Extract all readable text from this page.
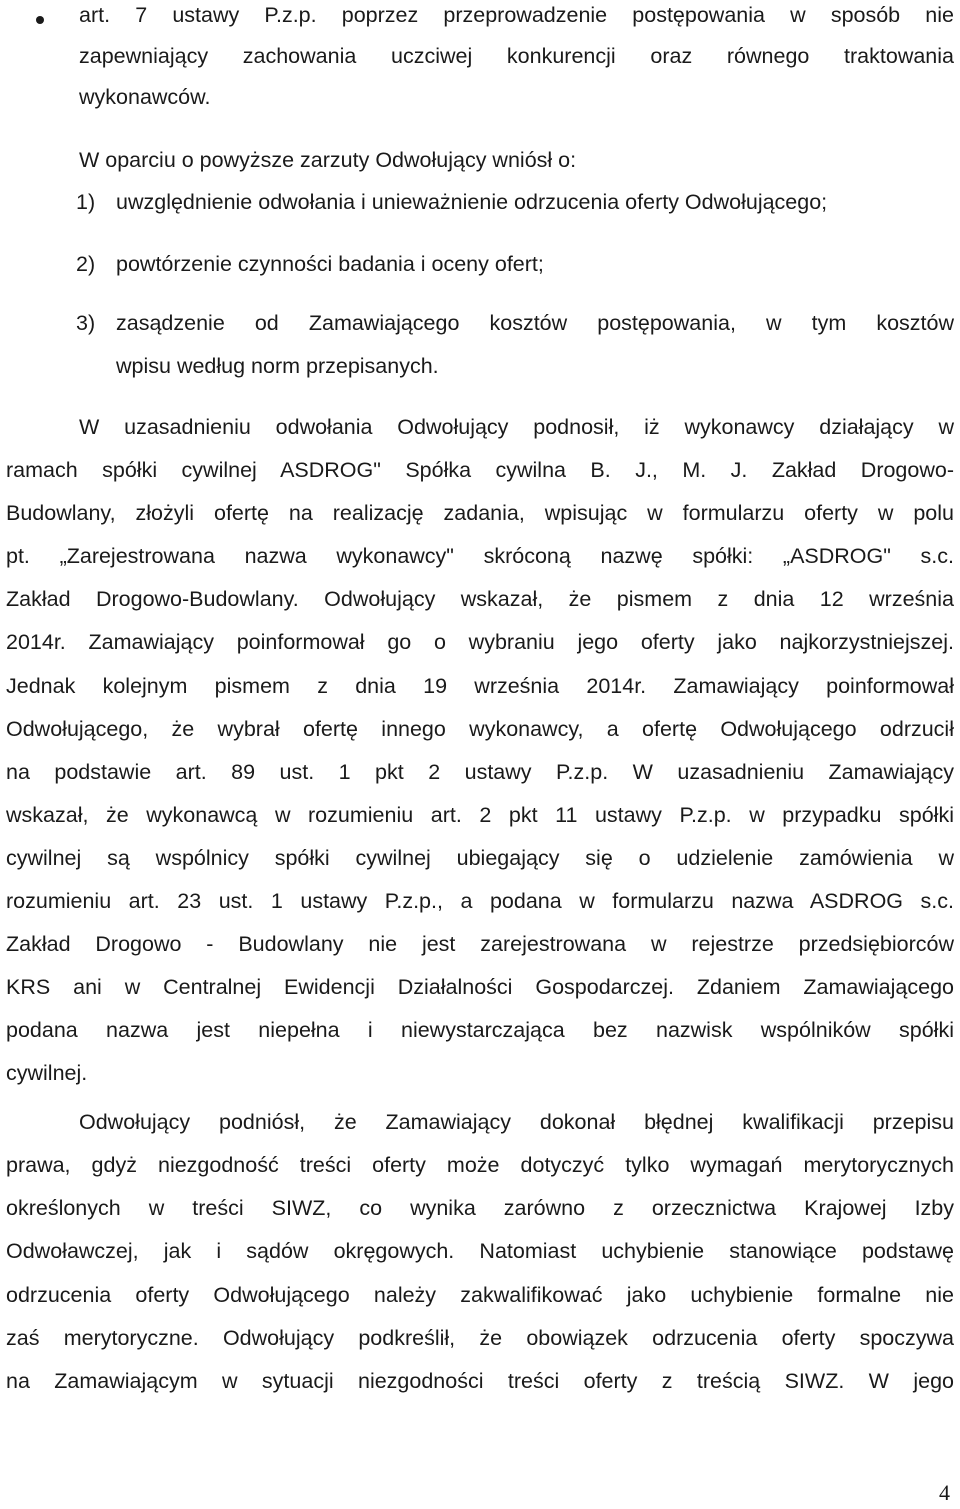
art. 7 ustawy P.z.p. poprzez przeprowadzenie postępowania w sposób nie

zapewniający zachowania uczciwej konkurencji oraz równego traktowania

wykonawców.

W oparciu o powyższe zarzuty Odwołujący wniósł o:

1) uwzględnienie odwołania i unieważnienie odrzucenia oferty Odwołującego;

2) powtórzenie czynności badania i oceny ofert;

3) zasądzenie od Zamawiającego kosztów postępowania, w tym kosztów

wpisu według norm przepisanych.

W uzasadnieniu odwołania Odwołujący podnosił, iż wykonawcy działający w

ramach spółki cywilnej ASDROG" Spółka cywilna B. J., M. J. Zakład Drogowo-

Budowlany, złożyli ofertę na realizację zadania, wpisując w formularzu oferty w polu

pt. „Zarejestrowana nazwa wykonawcy" skróconą nazwę spółki: „ASDROG" s.c.

Zakład Drogowo-Budowlany. Odwołujący wskazał, że pismem z dnia 12 września

2014r. Zamawiający poinformował go o wybraniu jego oferty jako najkorzystniejszej.

Jednak kolejnym pismem z dnia 19 września 2014r. Zamawiający poinformował

Odwołującego, że wybrał ofertę innego wykonawcy, a ofertę Odwołującego odrzucił

na podstawie art. 89 ust. 1 pkt 2 ustawy P.z.p. W uzasadnieniu Zamawiający

wskazał, że wykonawcą w rozumieniu art. 2 pkt 11 ustawy P.z.p. w przypadku spółki

cywilnej są wspólnicy spółki cywilnej ubiegający się o udzielenie zamówienia w

rozumieniu art. 23 ust. 1 ustawy P.z.p., a podana w formularzu nazwa ASDROG s.c.

Zakład Drogowo - Budowlany nie jest zarejestrowana w rejestrze przedsiębiorców

KRS ani w Centralnej Ewidencji Działalności Gospodarczej. Zdaniem Zamawiającego

podana nazwa jest niepełna i niewystarczająca bez nazwisk wspólników spółki

cywilnej.

Odwołujący podniósł, że Zamawiający dokonał błędnej kwalifikacji przepisu

prawa, gdyż niezgodność treści oferty może dotyczyć tylko wymagań merytorycznych

określonych w treści SIWZ, co wynika zarówno z orzecznictwa Krajowej Izby

Odwoławczej, jak i sądów okręgowych. Natomiast uchybienie stanowiące podstawę

odrzucenia oferty Odwołującego należy zakwalifikować jako uchybienie formalne nie

zaś merytoryczne. Odwołujący podkreślił, że obowiązek odrzucenia oferty spoczywa

na Zamawiającym w sytuacji niezgodności treści oferty z treścią SIWZ. W jego

4
